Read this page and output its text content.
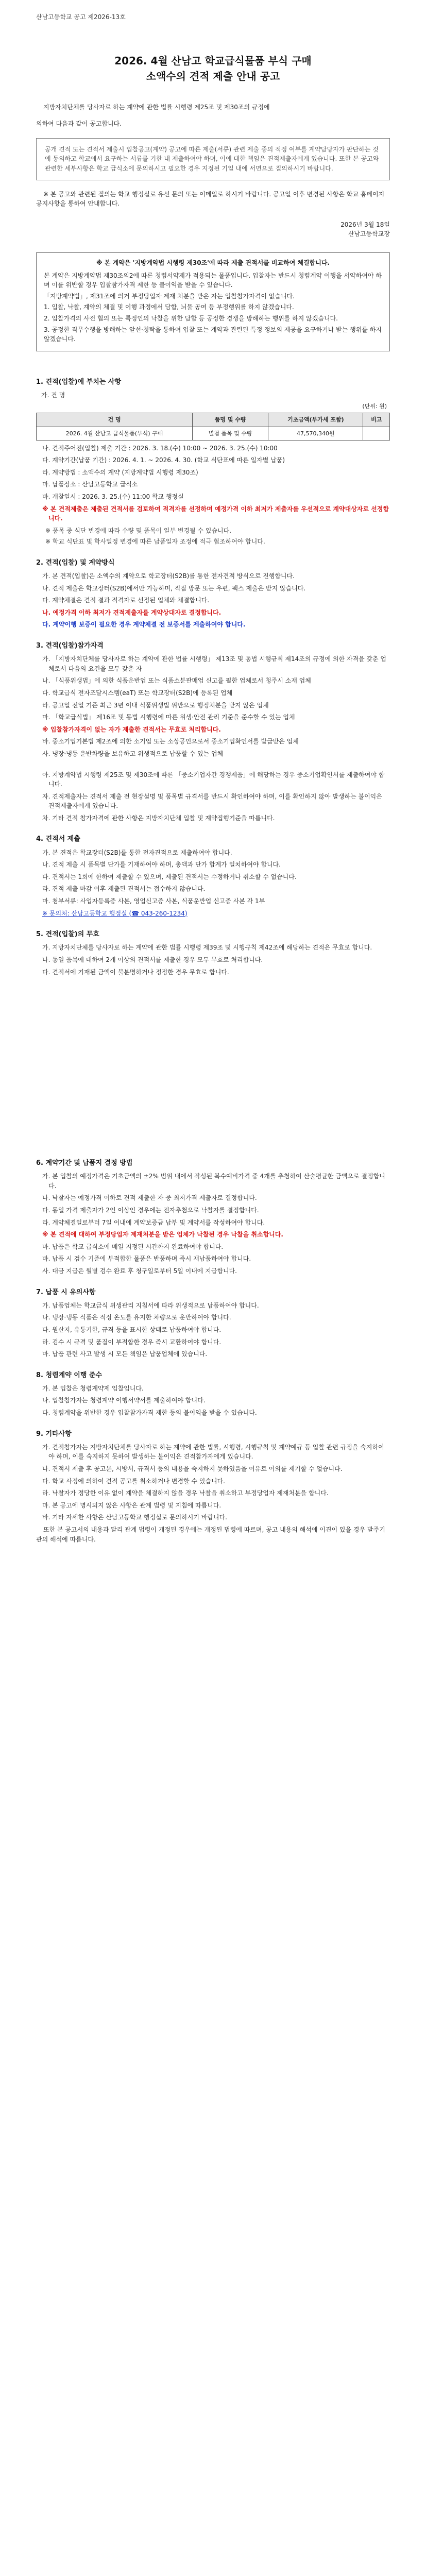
산남고등학교 공고 제2026-13호
2026. 4월 산남고 학교급식물품 부식 구매
소액수의 견적 제출 안내 공고

지방자치단체를 당사자로 하는 계약에 관한 법률 시행령 제25조 및 제30조의 규정에

의하여 다음과 같이 공고합니다.

공개 견적 또는 견적서 제출시 입찰공고(계약) 공고에 따른 제출(서류) 관련 제출 중의 적정 여부를 계약담당자가 판단하는 것에 동의하고 학교에서 요구하는 서류를 기한 내 제출하여야 하며, 이에 대한 책임은 견적제출자에게 있습니다. 또한 본 공고와 관련한 세부사항은 학교 급식소에 문의하시고 필요한 경우 지정된 기일 내에 서면으로 질의하시기 바랍니다.

※ 본 공고와 관련된 질의는 학교 행정실로 유선 문의 또는 이메일로 하시기 바랍니다. 공고일 이후 변경된 사항은 학교 홈페이지 공지사항을 통하여 안내합니다.

2026년 3월 18일
산남고등학교장
※ 본 계약은 '지방계약법 시행령 제30조'에 따라 제출 견적서를 비교하여 체결합니다.

본 계약은 지방계약법 제30조의2에 따른 청렴서약제가 적용되는 물품입니다. 입찰자는 반드시 청렴계약 이행을 서약하여야 하며 이를 위반할 경우 입찰참가자격 제한 등 불이익을 받을 수 있습니다.

「지방계약법」, 제31조에 의거 부정당업자 제재 처분을 받은 자는 입찰참가자격이 없습니다.

1. 입찰, 낙찰, 계약의 체결 및 이행 과정에서 담합, 뇌물 공여 등 부정행위를 하지 않겠습니다.

2. 입찰가격의 사전 협의 또는 특정인의 낙찰을 위한 담합 등 공정한 경쟁을 방해하는 행위를 하지 않겠습니다.

3. 공정한 직무수행을 방해하는 알선·청탁을 통하여 입찰 또는 계약과 관련된 특정 정보의 제공을 요구하거나 받는 행위를 하지 않겠습니다.

1. 견적(입찰)에 부치는 사항
가. 건 명
(단위: 원)
건 명	품명 및 수량	기초금액(부가세 포함)	비고
2026. 4월 산남고 급식물품(부식) 구매	별첨 품목 및 수량	47,570,340원	

나. 견적주어진(입찰) 제출 기간 : 2026. 3. 18.(수) 10:00 ~ 2026. 3. 25.(수) 10:00

다. 계약기간(납품 기간) : 2026. 4. 1. ~ 2026. 4. 30. (학교 식단표에 따른 일자별 납품)

라. 계약방법 : 소액수의 계약 (지방계약법 시행령 제30조)

마. 납품장소 : 산남고등학교 급식소

바. 개찰일시 : 2026. 3. 25.(수) 11:00 학교 행정실

※ 본 견적제출은 제출된 견적서를 검토하여 적격자를 선정하며 예정가격 이하 최저가 제출자를 우선적으로 계약대상자로 선정합니다.

※ 품목 중 식단 변경에 따라 수량 및 품목이 일부 변경될 수 있습니다.

※ 학교 식단표 및 학사일정 변경에 따른 납품일자 조정에 적극 협조하여야 합니다.

2. 견적(입찰) 및 계약방식

가. 본 견적(입찰)은 소액수의 계약으로 학교장터(S2B)를 통한 전자견적 방식으로 진행합니다.

나. 견적 제출은 학교장터(S2B)에서만 가능하며, 직접 방문 또는 우편, 팩스 제출은 받지 않습니다.

다. 계약체결은 견적 결과 적격자로 선정된 업체와 체결합니다.

나. 예정가격 이하 최저가 견적제출자를 계약상대자로 결정합니다.

다. 계약이행 보증이 필요한 경우 계약체결 전 보증서를 제출하여야 합니다.

3. 견적(입찰)참가자격

가. 「지방자치단체를 당사자로 하는 계약에 관한 법률 시행령」 제13조 및 동법 시행규칙 제14조의 규정에 의한 자격을 갖춘 업체로서 다음의 요건을 모두 갖춘 자

나. 「식품위생법」에 의한 식품운반업 또는 식품소분판매업 신고를 필한 업체로서 청주시 소재 업체

다. 학교급식 전자조달시스템(eaT) 또는 학교장터(S2B)에 등록된 업체

라. 공고일 전일 기준 최근 3년 이내 식품위생법 위반으로 행정처분을 받지 않은 업체

마. 「학교급식법」 제16조 및 동법 시행령에 따른 위생·안전 관리 기준을 준수할 수 있는 업체

※ 입찰참가자격이 없는 자가 제출한 견적서는 무효로 처리합니다.

바. 중소기업기본법 제2조에 의한 소기업 또는 소상공인으로서 중소기업확인서를 발급받은 업체

사. 냉장·냉동 운반차량을 보유하고 위생적으로 납품할 수 있는 업체

아. 지방계약법 시행령 제25조 및 제30조에 따른 「중소기업자간 경쟁제품」에 해당하는 경우 중소기업확인서를 제출하여야 합니다.

자. 견적제출자는 견적서 제출 전 현장설명 및 품목별 규격서를 반드시 확인하여야 하며, 이를 확인하지 않아 발생하는 불이익은 견적제출자에게 있습니다.

차. 기타 견적 참가자격에 관한 사항은 지방자치단체 입찰 및 계약집행기준을 따릅니다.

4. 견적서 제출

가. 본 견적은 학교장터(S2B)를 통한 전자견적으로 제출하여야 합니다.

나. 견적 제출 시 품목별 단가를 기재하여야 하며, 총액과 단가 합계가 일치하여야 합니다.

다. 견적서는 1회에 한하여 제출할 수 있으며, 제출된 견적서는 수정하거나 취소할 수 없습니다.

라. 견적 제출 마감 이후 제출된 견적서는 접수하지 않습니다.

마. 첨부서류: 사업자등록증 사본, 영업신고증 사본, 식품운반업 신고증 사본 각 1부

※ 문의처: 산남고등학교 행정실 (☎ 043-260-1234)

5. 견적(입찰)의 무효

가. 지방자치단체를 당사자로 하는 계약에 관한 법률 시행령 제39조 및 시행규칙 제42조에 해당하는 견적은 무효로 합니다.

나. 동일 품목에 대하여 2개 이상의 견적서를 제출한 경우 모두 무효로 처리합니다.

다. 견적서에 기재된 금액이 불분명하거나 정정한 경우 무효로 합니다.

6. 계약기간 및 납품지 결정 방법

가. 본 입찰의 예정가격은 기초금액의 ±2% 범위 내에서 작성된 복수예비가격 중 4개를 추첨하여 산술평균한 금액으로 결정합니다.

나. 낙찰자는 예정가격 이하로 견적 제출한 자 중 최저가격 제출자로 결정합니다.

다. 동일 가격 제출자가 2인 이상인 경우에는 전자추첨으로 낙찰자를 결정합니다.

라. 계약체결일로부터 7일 이내에 계약보증금 납부 및 계약서를 작성하여야 합니다.

※ 본 견적에 대하여 부정당업자 제재처분을 받은 업체가 낙찰된 경우 낙찰을 취소합니다.

마. 납품은 학교 급식소에 매일 지정된 시간까지 완료하여야 합니다.

바. 납품 시 검수 기준에 부적합한 물품은 반품하며 즉시 재납품하여야 합니다.

사. 대금 지급은 월별 검수 완료 후 청구일로부터 5일 이내에 지급합니다.

7. 납품 시 유의사항

가. 납품업체는 학교급식 위생관리 지침서에 따라 위생적으로 납품하여야 합니다.

나. 냉장·냉동 식품은 적정 온도를 유지한 차량으로 운반하여야 합니다.

다. 원산지, 유통기한, 규격 등을 표시한 상태로 납품하여야 합니다.

라. 검수 시 규격 및 품질이 부적합한 경우 즉시 교환하여야 합니다.

마. 납품 관련 사고 발생 시 모든 책임은 납품업체에 있습니다.

8. 청렴계약 이행 준수

가. 본 입찰은 청렴계약제 입찰입니다.

나. 입찰참가자는 청렴계약 이행서약서를 제출하여야 합니다.

다. 청렴계약을 위반한 경우 입찰참가자격 제한 등의 불이익을 받을 수 있습니다.

9. 기타사항

가. 견적참가자는 지방자치단체를 당사자로 하는 계약에 관한 법률, 시행령, 시행규칙 및 계약예규 등 입찰 관련 규정을 숙지하여야 하며, 이를 숙지하지 못하여 발생하는 불이익은 견적참가자에게 있습니다.

나. 견적서 제출 후 공고문, 시방서, 규격서 등의 내용을 숙지하지 못하였음을 이유로 이의를 제기할 수 없습니다.

다. 학교 사정에 의하여 견적 공고를 취소하거나 변경할 수 있습니다.

라. 낙찰자가 정당한 이유 없이 계약을 체결하지 않을 경우 낙찰을 취소하고 부정당업자 제재처분을 합니다.

마. 본 공고에 명시되지 않은 사항은 관계 법령 및 지침에 따릅니다.

바. 기타 자세한 사항은 산남고등학교 행정실로 문의하시기 바랍니다.

또한 본 공고서의 내용과 달리 관계 법령이 개정된 경우에는 개정된 법령에 따르며, 공고 내용의 해석에 이견이 있을 경우 발주기관의 해석에 따릅니다.
